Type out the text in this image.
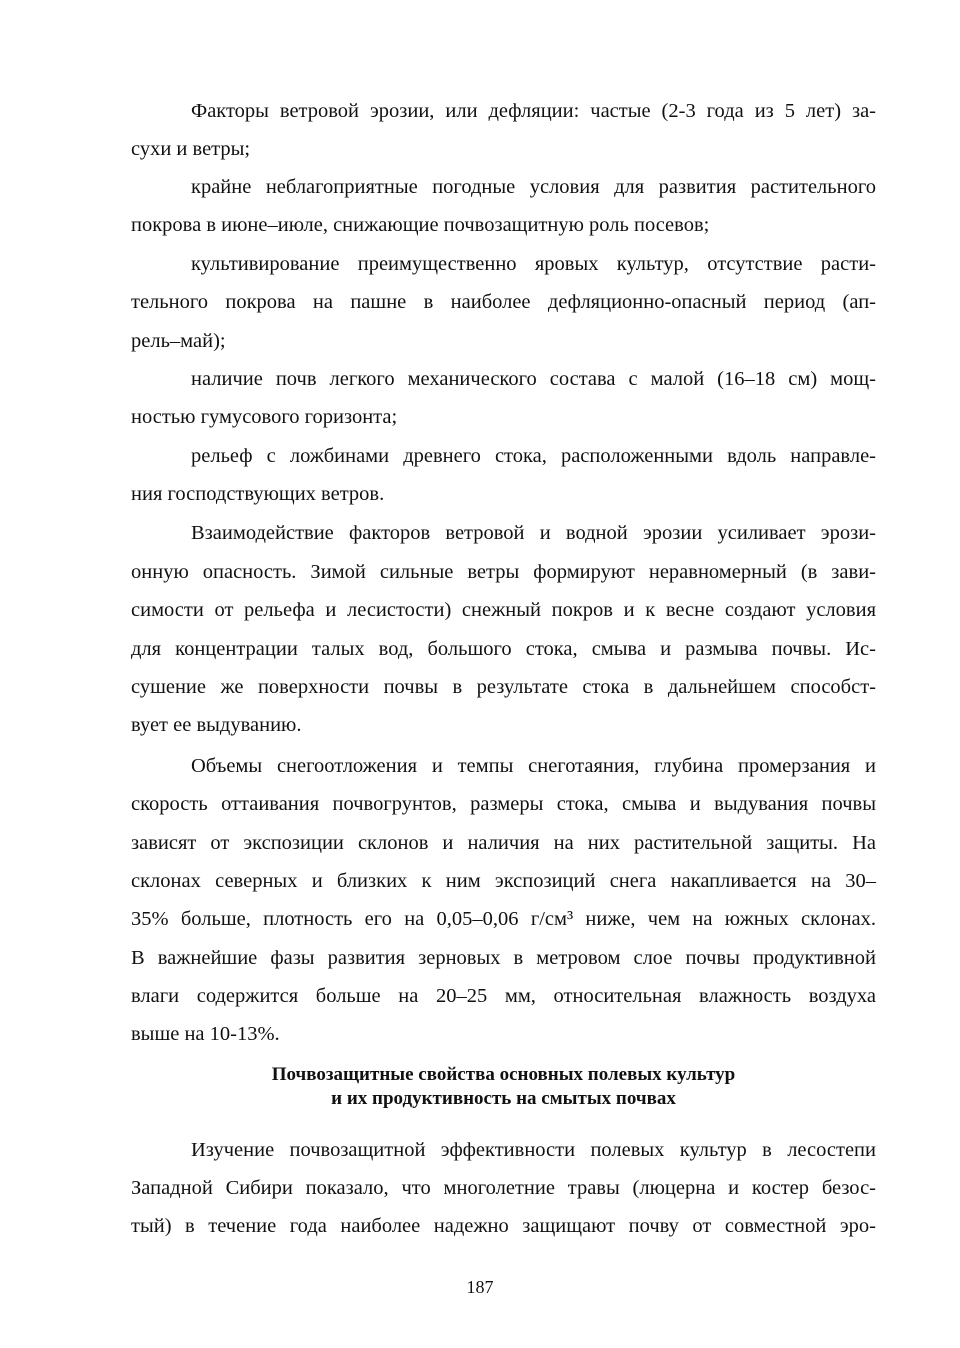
Факторы ветровой эрозии, или дефляции: частые (2-3 года из 5 лет) за-
сухи и ветры;
крайне неблагоприятные погодные условия для развития растительного
покрова в июне–июле, снижающие почвозащитную роль посевов;
культивирование преимущественно яровых культур, отсутствие расти-
тельного покрова на пашне в наиболее дефляционно-опасный период (ап-
рель–май);
наличие почв легкого механического состава с малой (16–18 см) мощ-
ностью гумусового горизонта;
рельеф с ложбинами древнего стока, расположенными вдоль направле-
ния господствующих ветров.
Взаимодействие факторов ветровой и водной эрозии усиливает эрози-
онную опасность. Зимой сильные ветры формируют неравномерный (в зави-
симости от рельефа и лесистости) снежный покров и к весне создают условия
для концентрации талых вод, большого стока, смыва и размыва почвы. Ис-
сушение же поверхности почвы в результате стока в дальнейшем способст-
вует ее выдуванию.
Объемы снегоотложения и темпы снеготаяния, глубина промерзания и
скорость оттаивания почвогрунтов, размеры стока, смыва и выдувания почвы
зависят от экспозиции склонов и наличия на них растительной защиты. На
склонах северных и близких к ним экспозиций снега накапливается на 30–
35% больше, плотность его на 0,05–0,06 г/см³ ниже, чем на южных склонах.
В важнейшие фазы развития зерновых в метровом слое почвы продуктивной
влаги содержится больше на 20–25 мм, относительная влажность воздуха
выше на 10-13%.
Почвозащитные свойства основных полевых культур
и их продуктивность на смытых почвах
Изучение почвозащитной эффективности полевых культур в лесостепи
Западной Сибири показало, что многолетние травы (люцерна и костер безос-
тый) в течение года наиболее надежно защищают почву от совместной эро-
187
